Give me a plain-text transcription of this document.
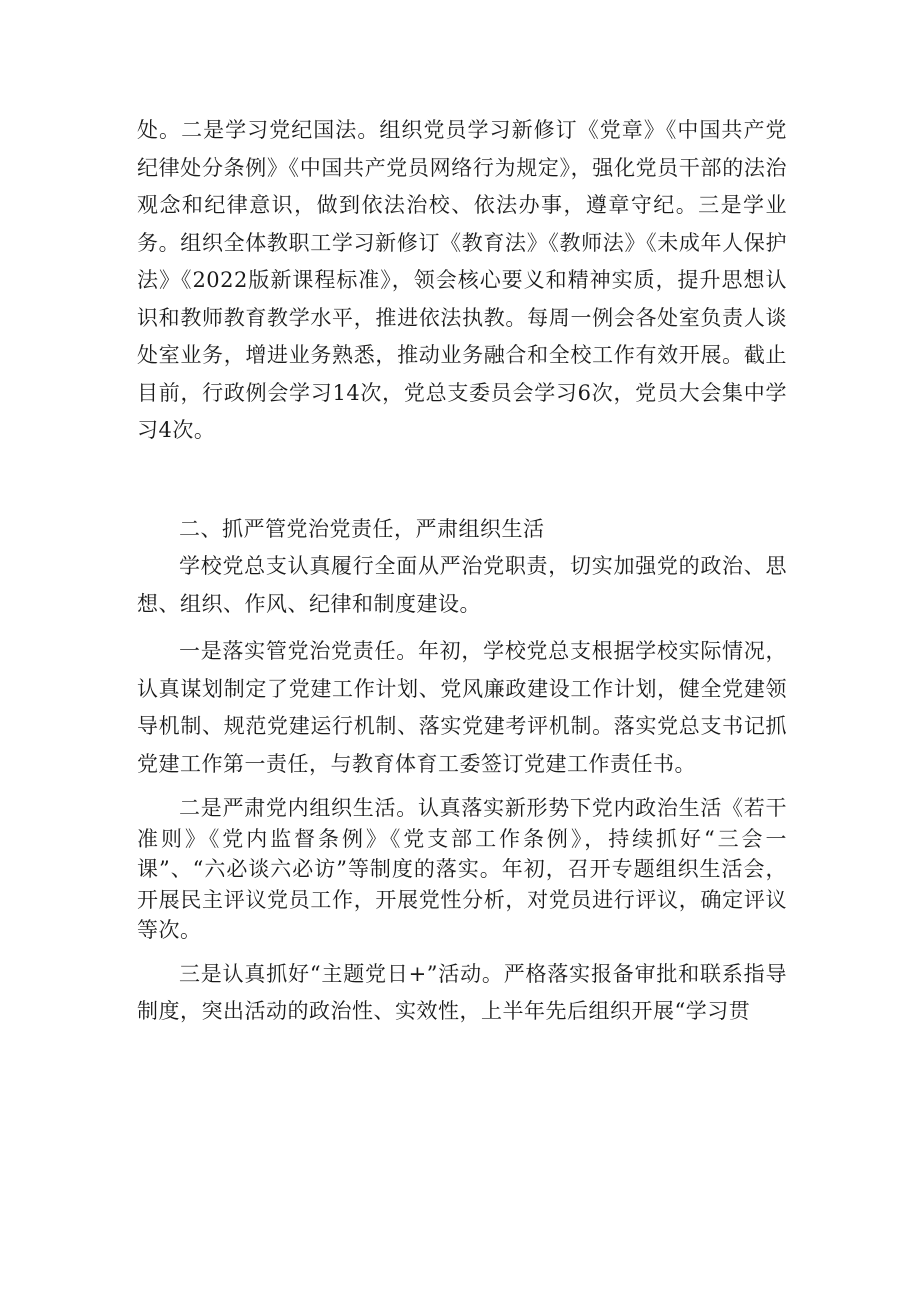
处。二是学习党纪国法。组织党员学习新修订《党章》《中国共产党纪律处分条例》《中国共产党员网络行为规定》，强化党员干部的法治观念和纪律意识，做到依法治校、依法办事，遵章守纪。三是学业务。组织全体教职工学习新修订《教育法》《教师法》《未成年人保护法》《2022版新课程标准》，领会核心要义和精神实质，提升思想认识和教师教育教学水平，推进依法执教。每周一例会各处室负责人谈处室业务，增进业务熟悉，推动业务融合和全校工作有效开展。截止目前，行政例会学习14次，党总支委员会学习6次，党员大会集中学习4次。

二、抓严管党治党责任，严肃组织生活

学校党总支认真履行全面从严治党职责，切实加强党的政治、思想、组织、作风、纪律和制度建设。

一是落实管党治党责任。年初，学校党总支根据学校实际情况，认真谋划制定了党建工作计划、党风廉政建设工作计划，健全党建领导机制、规范党建运行机制、落实党建考评机制。落实党总支书记抓党建工作第一责任，与教育体育工委签订党建工作责任书。

二是严肃党内组织生活。认真落实新形势下党内政治生活《若干准则》《党内监督条例》《党支部工作条例》，持续抓好“三会一课”、“六必谈六必访”等制度的落实。年初，召开专题组织生活会，开展民主评议党员工作，开展党性分析，对党员进行评议，确定评议等次。

三是认真抓好“主题党日+”活动。严格落实报备审批和联系指导制度，突出活动的政治性、实效性，上半年先后组织开展“学习贯
